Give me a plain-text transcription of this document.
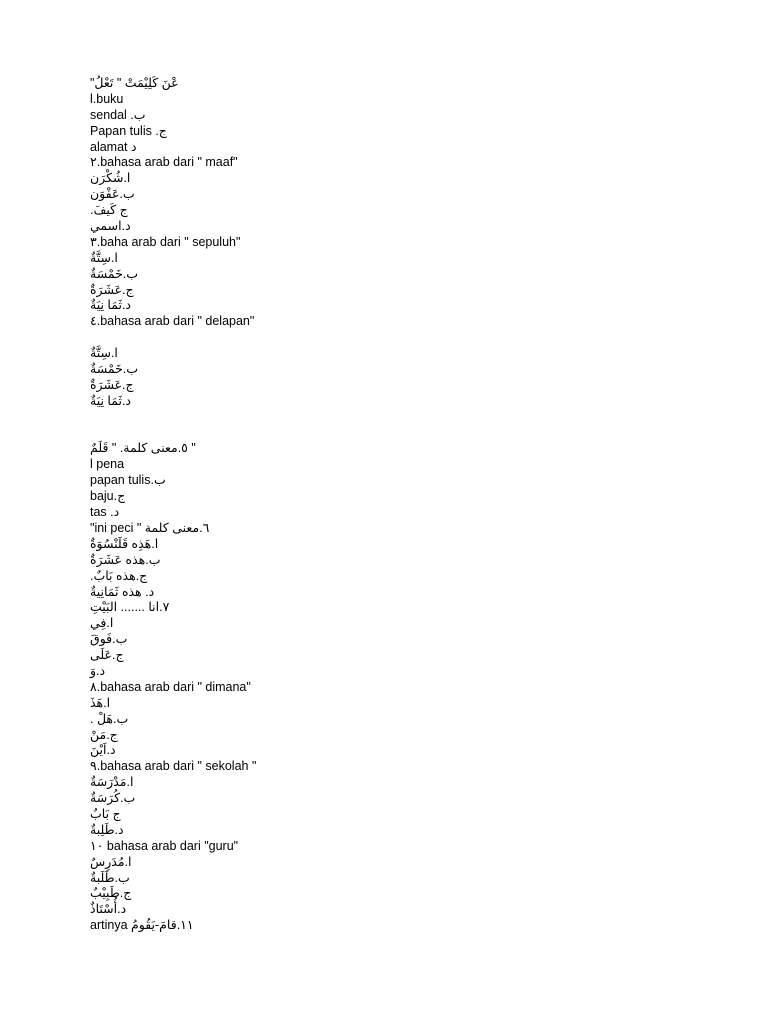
عْنَ كَلِيْمَتْ " تَعْلُ"
l.buku
ب. sendal
ج. Papan tulis
د alamat
٢.bahasa arab dari " maaf"
ا.شُكْرَن
ب.عَفْوَن
ج كَيفَ.
د.اسمي
٣.baha arab dari " sepuluh"
ا.سِتَّةٌ
ب.خَمْسَةٌ
ج.عَشَرَةٌ
د.ثَمَا نِيَةٌ
٤.bahasa arab dari " delapan"
ا.سِتَّةٌ
ب.خَمْسَةٌ
ج.عَشَرَةٌ
د.ثَمَا نِيَةٌ
" ٥.معنى كلمة. " قَلَمٌ
l pena
ب.papan tulis
ج.baju
د. tas
٦.معنى كلمة " ini peci"
ا.هَذِه قَلَنْسُوَةٌ
ب.هذه عَشَرَةٌ
ج.هذه بَابٌ.
د. هذه ثَمَانِيةٌ
٧.انا ....... البَيْتِ
ا.فِي
ب.فَوقَ
ج.عَلَى
د.وَ
٨.bahasa arab dari " dimana"
ا.هَذَ
ب.هَلْ .
ج.مَنْ
د.اَيْنَ
٩.bahasa arab dari " sekolah "
ا.مَدْرَسَةٌ
ب.كُرَسَةٌ
ج بَابٌ
د.طَلِبةٌ
١٠ bahasa arab dari "guru"
ا.مُدَرِسٌ
ب.طَلَبةٌ
ج.طَبِيْبٌ
د.أُسْتَاذٌ
١١.قامَ-يَقُومُ artinya
